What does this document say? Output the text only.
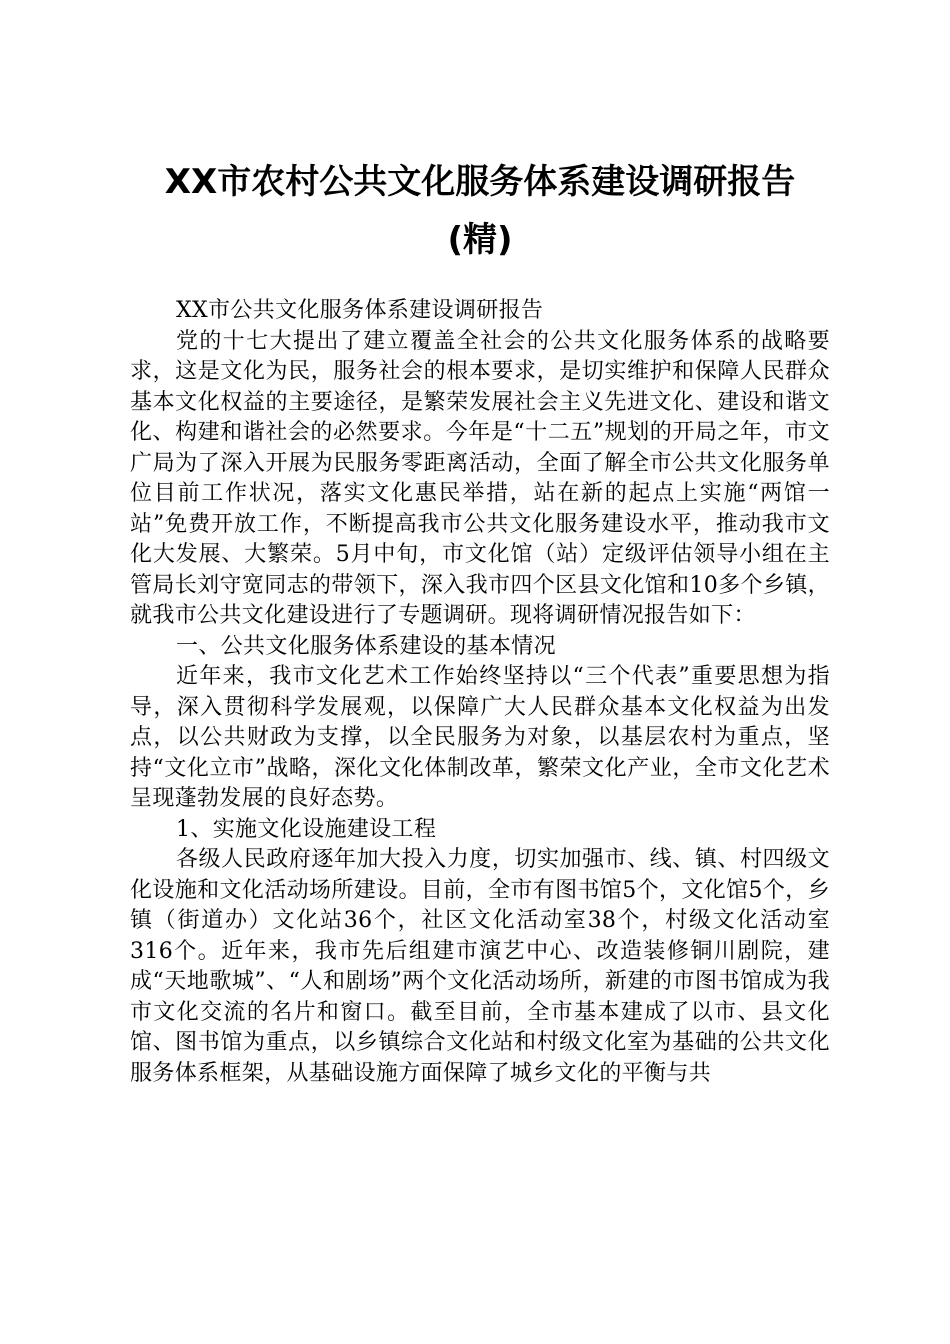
XX市农村公共文化服务体系建设调研报告
(精)

XX市公共文化服务体系建设调研报告

党的十七大提出了建立覆盖全社会的公共文化服务体系的战略要求，这是文化为民，服务社会的根本要求，是切实维护和保障人民群众基本文化权益的主要途径，是繁荣发展社会主义先进文化、建设和谐文化、构建和谐社会的必然要求。今年是“十二五”规划的开局之年，市文广局为了深入开展为民服务零距离活动，全面了解全市公共文化服务单位目前工作状况，落实文化惠民举措，站在新的起点上实施“两馆一站”免费开放工作，不断提高我市公共文化服务建设水平，推动我市文化大发展、大繁荣。5月中旬，市文化馆（站）定级评估领导小组在主管局长刘守宽同志的带领下，深入我市四个区县文化馆和10多个乡镇，就我市公共文化建设进行了专题调研。现将调研情况报告如下：

一、公共文化服务体系建设的基本情况

近年来，我市文化艺术工作始终坚持以“三个代表”重要思想为指导，深入贯彻科学发展观，以保障广大人民群众基本文化权益为出发点，以公共财政为支撑，以全民服务为对象，以基层农村为重点，坚持“文化立市”战略，深化文化体制改革，繁荣文化产业，全市文化艺术呈现蓬勃发展的良好态势。

1、实施文化设施建设工程

各级人民政府逐年加大投入力度，切实加强市、线、镇、村四级文化设施和文化活动场所建设。目前，全市有图书馆5个，文化馆5个，乡镇（街道办）文化站36个，社区文化活动室38个，村级文化活动室316个。近年来，我市先后组建市演艺中心、改造装修铜川剧院，建成“天地歌城”、“人和剧场”两个文化活动场所，新建的市图书馆成为我市文化交流的名片和窗口。截至目前，全市基本建成了以市、县文化馆、图书馆为重点，以乡镇综合文化站和村级文化室为基础的公共文化服务体系框架，从基础设施方面保障了城乡文化的平衡与共
